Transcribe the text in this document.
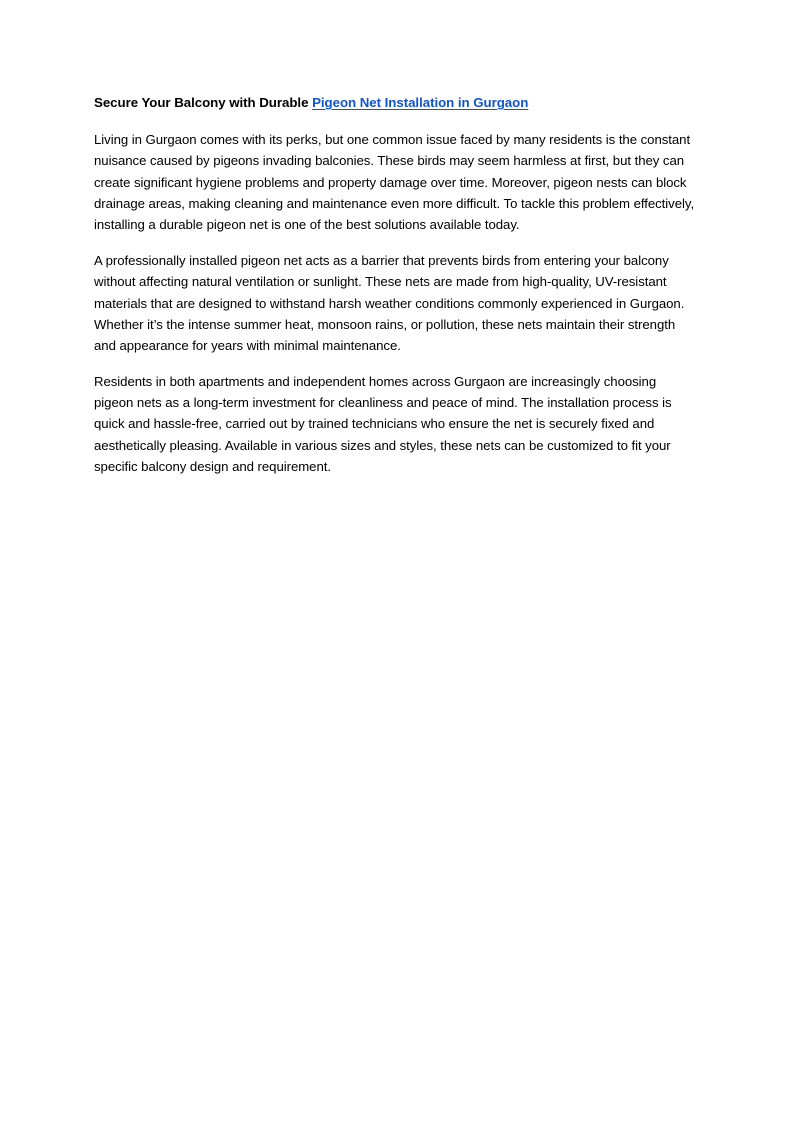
Secure Your Balcony with Durable Pigeon Net Installation in Gurgaon

Living in Gurgaon comes with its perks, but one common issue faced by many residents is the constant nuisance caused by pigeons invading balconies. These birds may seem harmless at first, but they can create significant hygiene problems and property damage over time. Moreover, pigeon nests can block drainage areas, making cleaning and maintenance even more difficult. To tackle this problem effectively, installing a durable pigeon net is one of the best solutions available today.

A professionally installed pigeon net acts as a barrier that prevents birds from entering your balcony without affecting natural ventilation or sunlight. These nets are made from high-quality, UV-resistant materials that are designed to withstand harsh weather conditions commonly experienced in Gurgaon. Whether it’s the intense summer heat, monsoon rains, or pollution, these nets maintain their strength and appearance for years with minimal maintenance.

Residents in both apartments and independent homes across Gurgaon are increasingly choosing pigeon nets as a long-term investment for cleanliness and peace of mind. The installation process is quick and hassle-free, carried out by trained technicians who ensure the net is securely fixed and aesthetically pleasing. Available in various sizes and styles, these nets can be customized to fit your specific balcony design and requirement.
